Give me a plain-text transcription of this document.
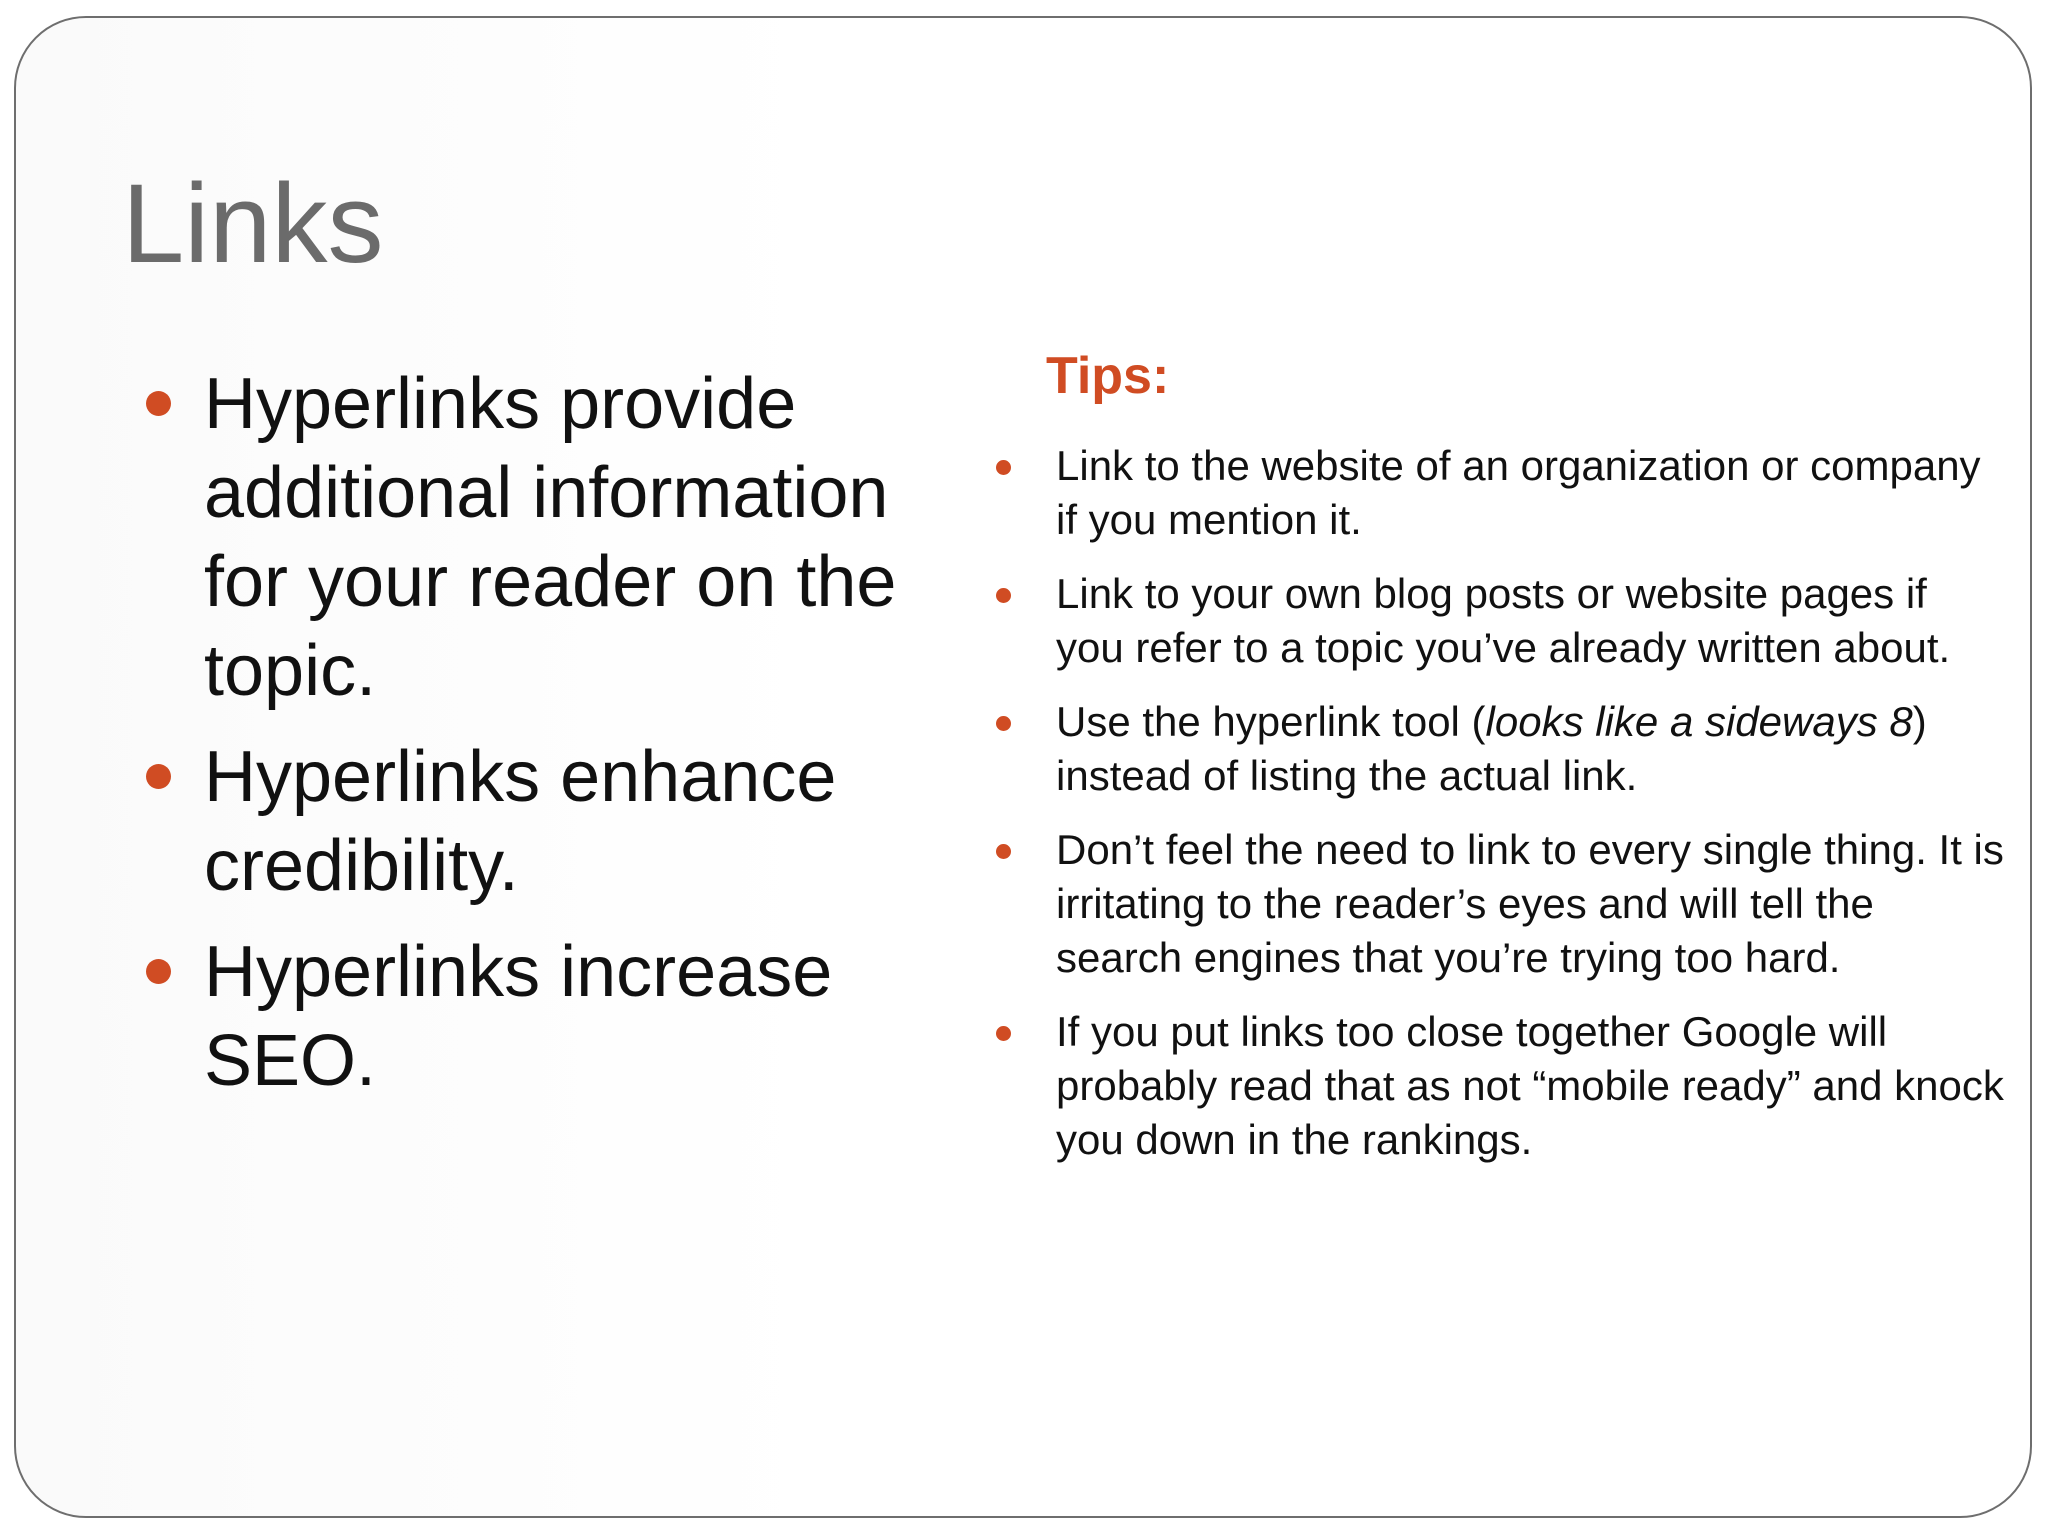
Links
Hyperlinks provide additional information for your reader on the topic.
Hyperlinks enhance credibility.
Hyperlinks increase SEO.
Tips:
Link to the website of an organization or company if you mention it.
Link to your own blog posts or website pages if you refer to a topic you’ve already written about.
Use the hyperlink tool (looks like a sideways 8) instead of listing the actual link.
Don’t feel the need to link to every single thing. It is irritating to the reader’s eyes and will tell the search engines that you’re trying too hard.
If you put links too close together Google will probably read that as not “mobile ready” and knock you down in the rankings.
